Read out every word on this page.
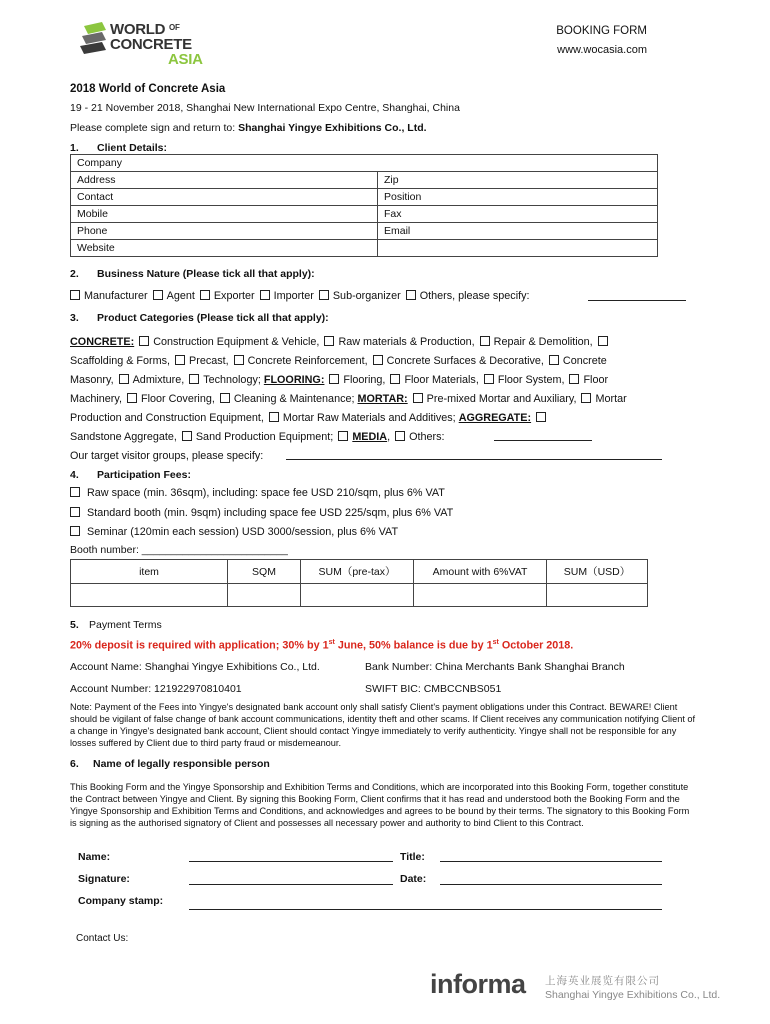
WORLD $^{OF}$
CONCRETE
ASIA
BOOKING FORM
www.wocasia.com
2018 World of Concrete Asia
19 - 21 November 2018, Shanghai New International Expo Centre, Shanghai, China
Please complete sign and return to: Shanghai Yingye Exhibitions Co., Ltd.
1. Client Details:
Company	
Address	Zip
Contact	Position
Mobile	Fax
Phone	Email
Website	
2. Business Nature (Please tick all that apply):
Manufacturer Agent Exporter Importer Sub-organizer Others, please specify:
3. Product Categories (Please tick all that apply):
CONCRETE: Construction Equipment & Vehicle, Raw materials & Production, Repair & Demolition,
Scaffolding & Forms, Precast, Concrete Reinforcement, Concrete Surfaces & Decorative, Concrete
Masonry, Admixture, Technology; FLOORING: Flooring, Floor Materials, Floor System, Floor
Machinery, Floor Covering, Cleaning & Maintenance; MORTAR: Pre-mixed Mortar and Auxiliary, Mortar
Production and Construction Equipment, Mortar Raw Materials and Additives; AGGREGATE:
Sandstone Aggregate, Sand Production Equipment; MEDIA, Others:
Our target visitor groups, please specify:
4. Participation Fees:
Raw space (min. 36sqm), including: space fee USD 210/sqm, plus 6% VAT
Standard booth (min. 9sqm) including space fee USD 225/sqm, plus 6% VAT
Seminar (120min each session) USD 3000/session, plus 6% VAT
Booth number: _________________________
item	SQM	SUM（pre-tax）	Amount with 6%VAT	SUM（USD）

5. Payment Terms
20% deposit is required with application; 30% by 1st June, 50% balance is due by 1st October 2018.
Account Name: Shanghai Yingye Exhibitions Co., Ltd.	Bank Number: China Merchants Bank Shanghai Branch
Account Number: 121922970810401	SWIFT BIC: CMBCCNBS051

Note: Payment of the Fees into Yingye's designated bank account only shall satisfy Client's payment obligations under this Contract. BEWARE! Client should be vigilant of false change of bank account communications, identity theft and other scams. If Client receives any communication notifying Client of a change in Yingye's designated bank account, Client should contact Yingye immediately to verify authenticity. Yingye shall not be responsible for any losses suffered by Client due to third party fraud or misdemeanour.

6. Name of legally responsible person

This Booking Form and the Yingye Sponsorship and Exhibition Terms and Conditions, which are incorporated into this Booking Form, together constitute the Contract between Yingye and Client. By signing this Booking Form, Client confirms that it has read and understood both the Booking Form and the Yingye Sponsorship and Exhibition Terms and Conditions, and acknowledges and agrees to be bound by their terms. The signatory to this Booking Form is signing as the authorised signatory of Client and possesses all necessary power and authority to bind Client to this Contract.

Name:	Title:
Signature:	Date:
Company stamp:
Contact Us:
informa 上海英业展览有限公司
Shanghai Yingye Exhibitions Co., Ltd.
